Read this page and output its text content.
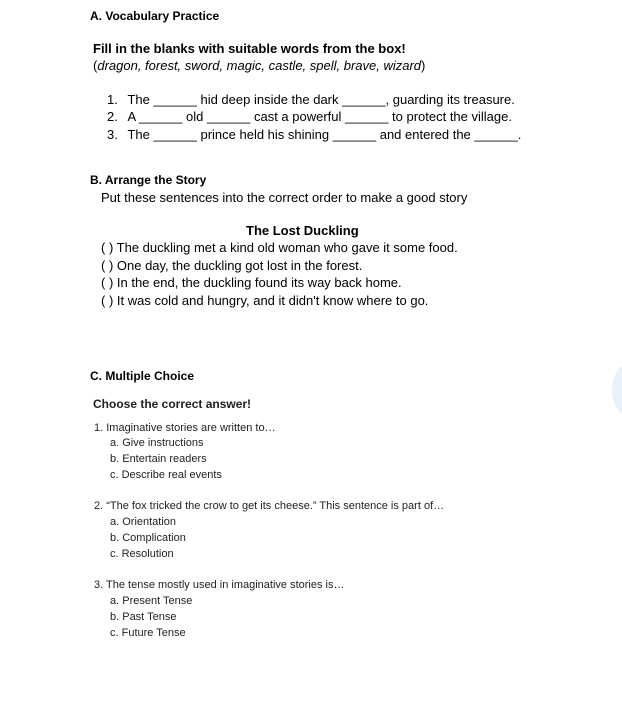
A. Vocabulary Practice
Fill in the blanks with suitable words from the box!
(dragon, forest, sword, magic, castle, spell, brave, wizard)
1. The ______ hid deep inside the dark ______, guarding its treasure.
2. A ______ old ______ cast a powerful ______ to protect the village.
3. The ______ prince held his shining ______ and entered the ______.
B. Arrange the Story
Put these sentences into the correct order to make a good story
The Lost Duckling
( ) The duckling met a kind old woman who gave it some food.
( ) One day, the duckling got lost in the forest.
( ) In the end, the duckling found its way back home.
( ) It was cold and hungry, and it didn't know where to go.
C. Multiple Choice
Choose the correct answer!
1. Imaginative stories are written to…
a. Give instructions
b. Entertain readers
c. Describe real events
2. “The fox tricked the crow to get its cheese.” This sentence is part of…
a. Orientation
b. Complication
c. Resolution
3. The tense mostly used in imaginative stories is…
a. Present Tense
b. Past Tense
c. Future Tense
